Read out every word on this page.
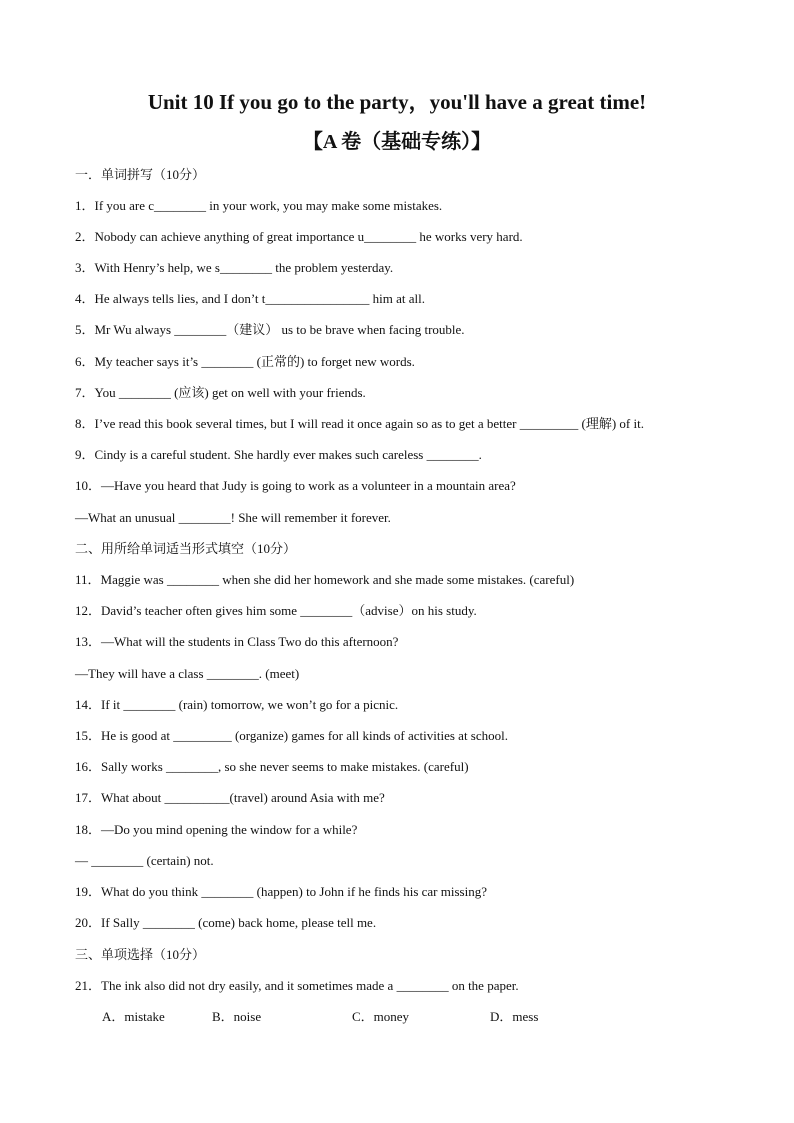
Unit 10 If you go to the party，you'll have a great time!
【A 卷（基础专练）】
一．单词拼写（10分）
1．If you are c________ in your work, you may make some mistakes.
2．Nobody can achieve anything of great importance u________ he works very hard.
3．With Henry’s help, we s________ the problem yesterday.
4．He always tells lies, and I don’t t________________ him at all.
5．Mr Wu always ________（建议） us to be brave when facing trouble.
6．My teacher says it’s ________ (正常的) to forget new words.
7．You ________ (应该) get on well with your friends.
8．I’ve read this book several times, but I will read it once again so as to get a better _________ (理解) of it.
9．Cindy is a careful student. She hardly ever makes such careless ________.
10．—Have you heard that Judy is going to work as a volunteer in a mountain area?
—What an unusual ________! She will remember it forever.
二、用所给单词适当形式填空（10分）
11．Maggie was ________ when she did her homework and she made some mistakes. (careful)
12．David’s teacher often gives him some ________（advise）on his study.
13．—What will the students in Class Two do this afternoon?
—They will have a class ________. (meet)
14．If it ________ (rain) tomorrow, we won’t go for a picnic.
15．He is good at _________ (organize) games for all kinds of activities at school.
16．Sally works ________, so she never seems to make mistakes. (careful)
17．What about __________(travel) around Asia with me?
18．—Do you mind opening the window for a while?
— ________ (certain) not.
19．What do you think ________ (happen) to John if he finds his car missing?
20．If Sally ________ (come) back home, please tell me.
三、单项选择（10分）
21．The ink also did not dry easily, and it sometimes made a ________ on the paper.
A．mistake	B．noise	C．money	D．mess
